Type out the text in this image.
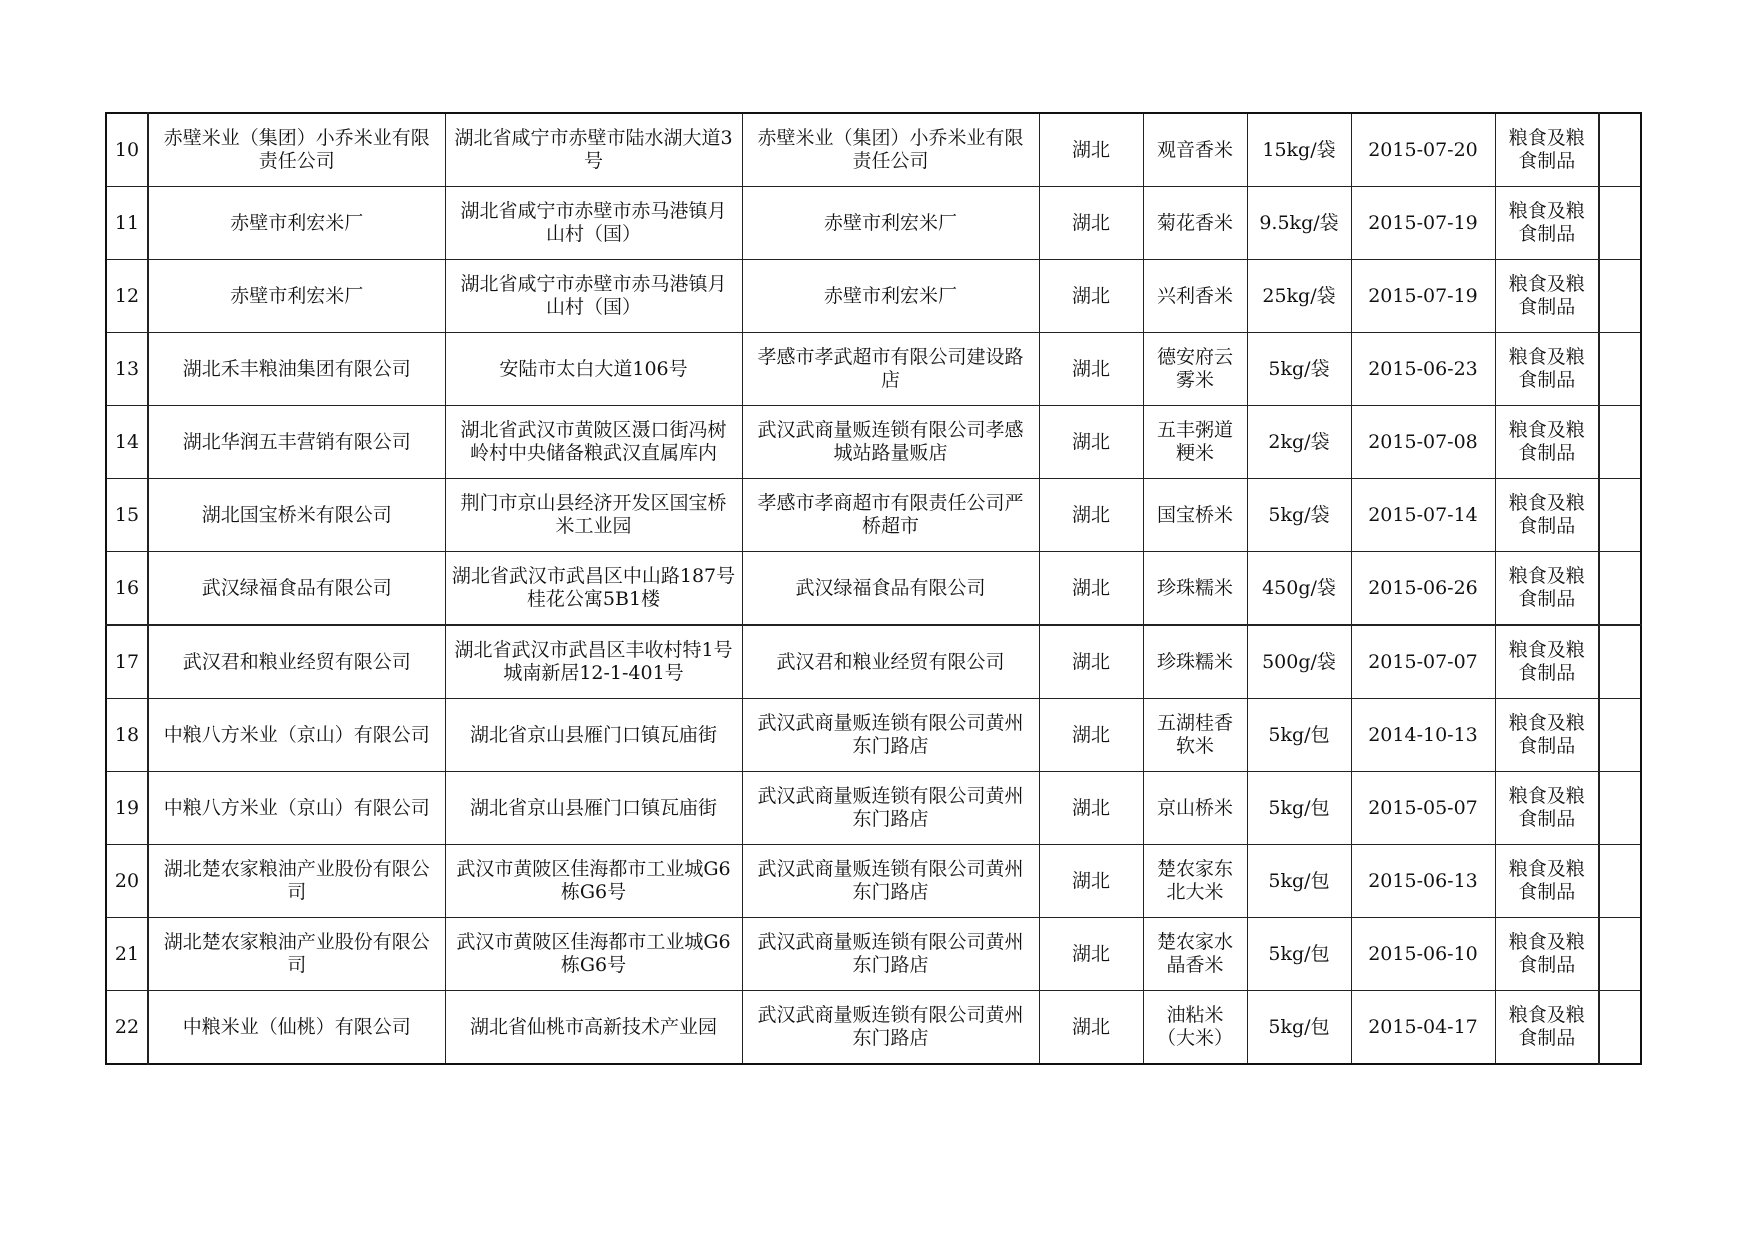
10	赤壁米业（集团）小乔米业有限责任公司	湖北省咸宁市赤壁市陆水湖大道3号	赤壁米业（集团）小乔米业有限责任公司	湖北	观音香米	15kg/袋	2015-07-20	粮食及粮食制品	
11	赤壁市利宏米厂	湖北省咸宁市赤壁市赤马港镇月山村（国）	赤壁市利宏米厂	湖北	菊花香米	9.5kg/袋	2015-07-19	粮食及粮食制品	
12	赤壁市利宏米厂	湖北省咸宁市赤壁市赤马港镇月山村（国）	赤壁市利宏米厂	湖北	兴利香米	25kg/袋	2015-07-19	粮食及粮食制品	
13	湖北禾丰粮油集团有限公司	安陆市太白大道106号	孝感市孝武超市有限公司建设路店	湖北	德安府云雾米	5kg/袋	2015-06-23	粮食及粮食制品	
14	湖北华润五丰营销有限公司	湖北省武汉市黄陂区滠口街冯树岭村中央储备粮武汉直属库内	武汉武商量贩连锁有限公司孝感城站路量贩店	湖北	五丰粥道粳米	2kg/袋	2015-07-08	粮食及粮食制品	
15	湖北国宝桥米有限公司	荆门市京山县经济开发区国宝桥米工业园	孝感市孝商超市有限责任公司严桥超市	湖北	国宝桥米	5kg/袋	2015-07-14	粮食及粮食制品	
16	武汉绿福食品有限公司	湖北省武汉市武昌区中山路187号桂花公寓5B1楼	武汉绿福食品有限公司	湖北	珍珠糯米	450g/袋	2015-06-26	粮食及粮食制品	
17	武汉君和粮业经贸有限公司	湖北省武汉市武昌区丰收村特1号城南新居12-1-401号	武汉君和粮业经贸有限公司	湖北	珍珠糯米	500g/袋	2015-07-07	粮食及粮食制品	
18	中粮八方米业（京山）有限公司	湖北省京山县雁门口镇瓦庙街	武汉武商量贩连锁有限公司黄州东门路店	湖北	五湖桂香软米	5kg/包	2014-10-13	粮食及粮食制品	
19	中粮八方米业（京山）有限公司	湖北省京山县雁门口镇瓦庙街	武汉武商量贩连锁有限公司黄州东门路店	湖北	京山桥米	5kg/包	2015-05-07	粮食及粮食制品	
20	湖北楚农家粮油产业股份有限公司	武汉市黄陂区佳海都市工业城G6栋G6号	武汉武商量贩连锁有限公司黄州东门路店	湖北	楚农家东北大米	5kg/包	2015-06-13	粮食及粮食制品	
21	湖北楚农家粮油产业股份有限公司	武汉市黄陂区佳海都市工业城G6栋G6号	武汉武商量贩连锁有限公司黄州东门路店	湖北	楚农家水晶香米	5kg/包	2015-06-10	粮食及粮食制品	
22	中粮米业（仙桃）有限公司	湖北省仙桃市高新技术产业园	武汉武商量贩连锁有限公司黄州东门路店	湖北	油粘米（大米）	5kg/包	2015-04-17	粮食及粮食制品	
